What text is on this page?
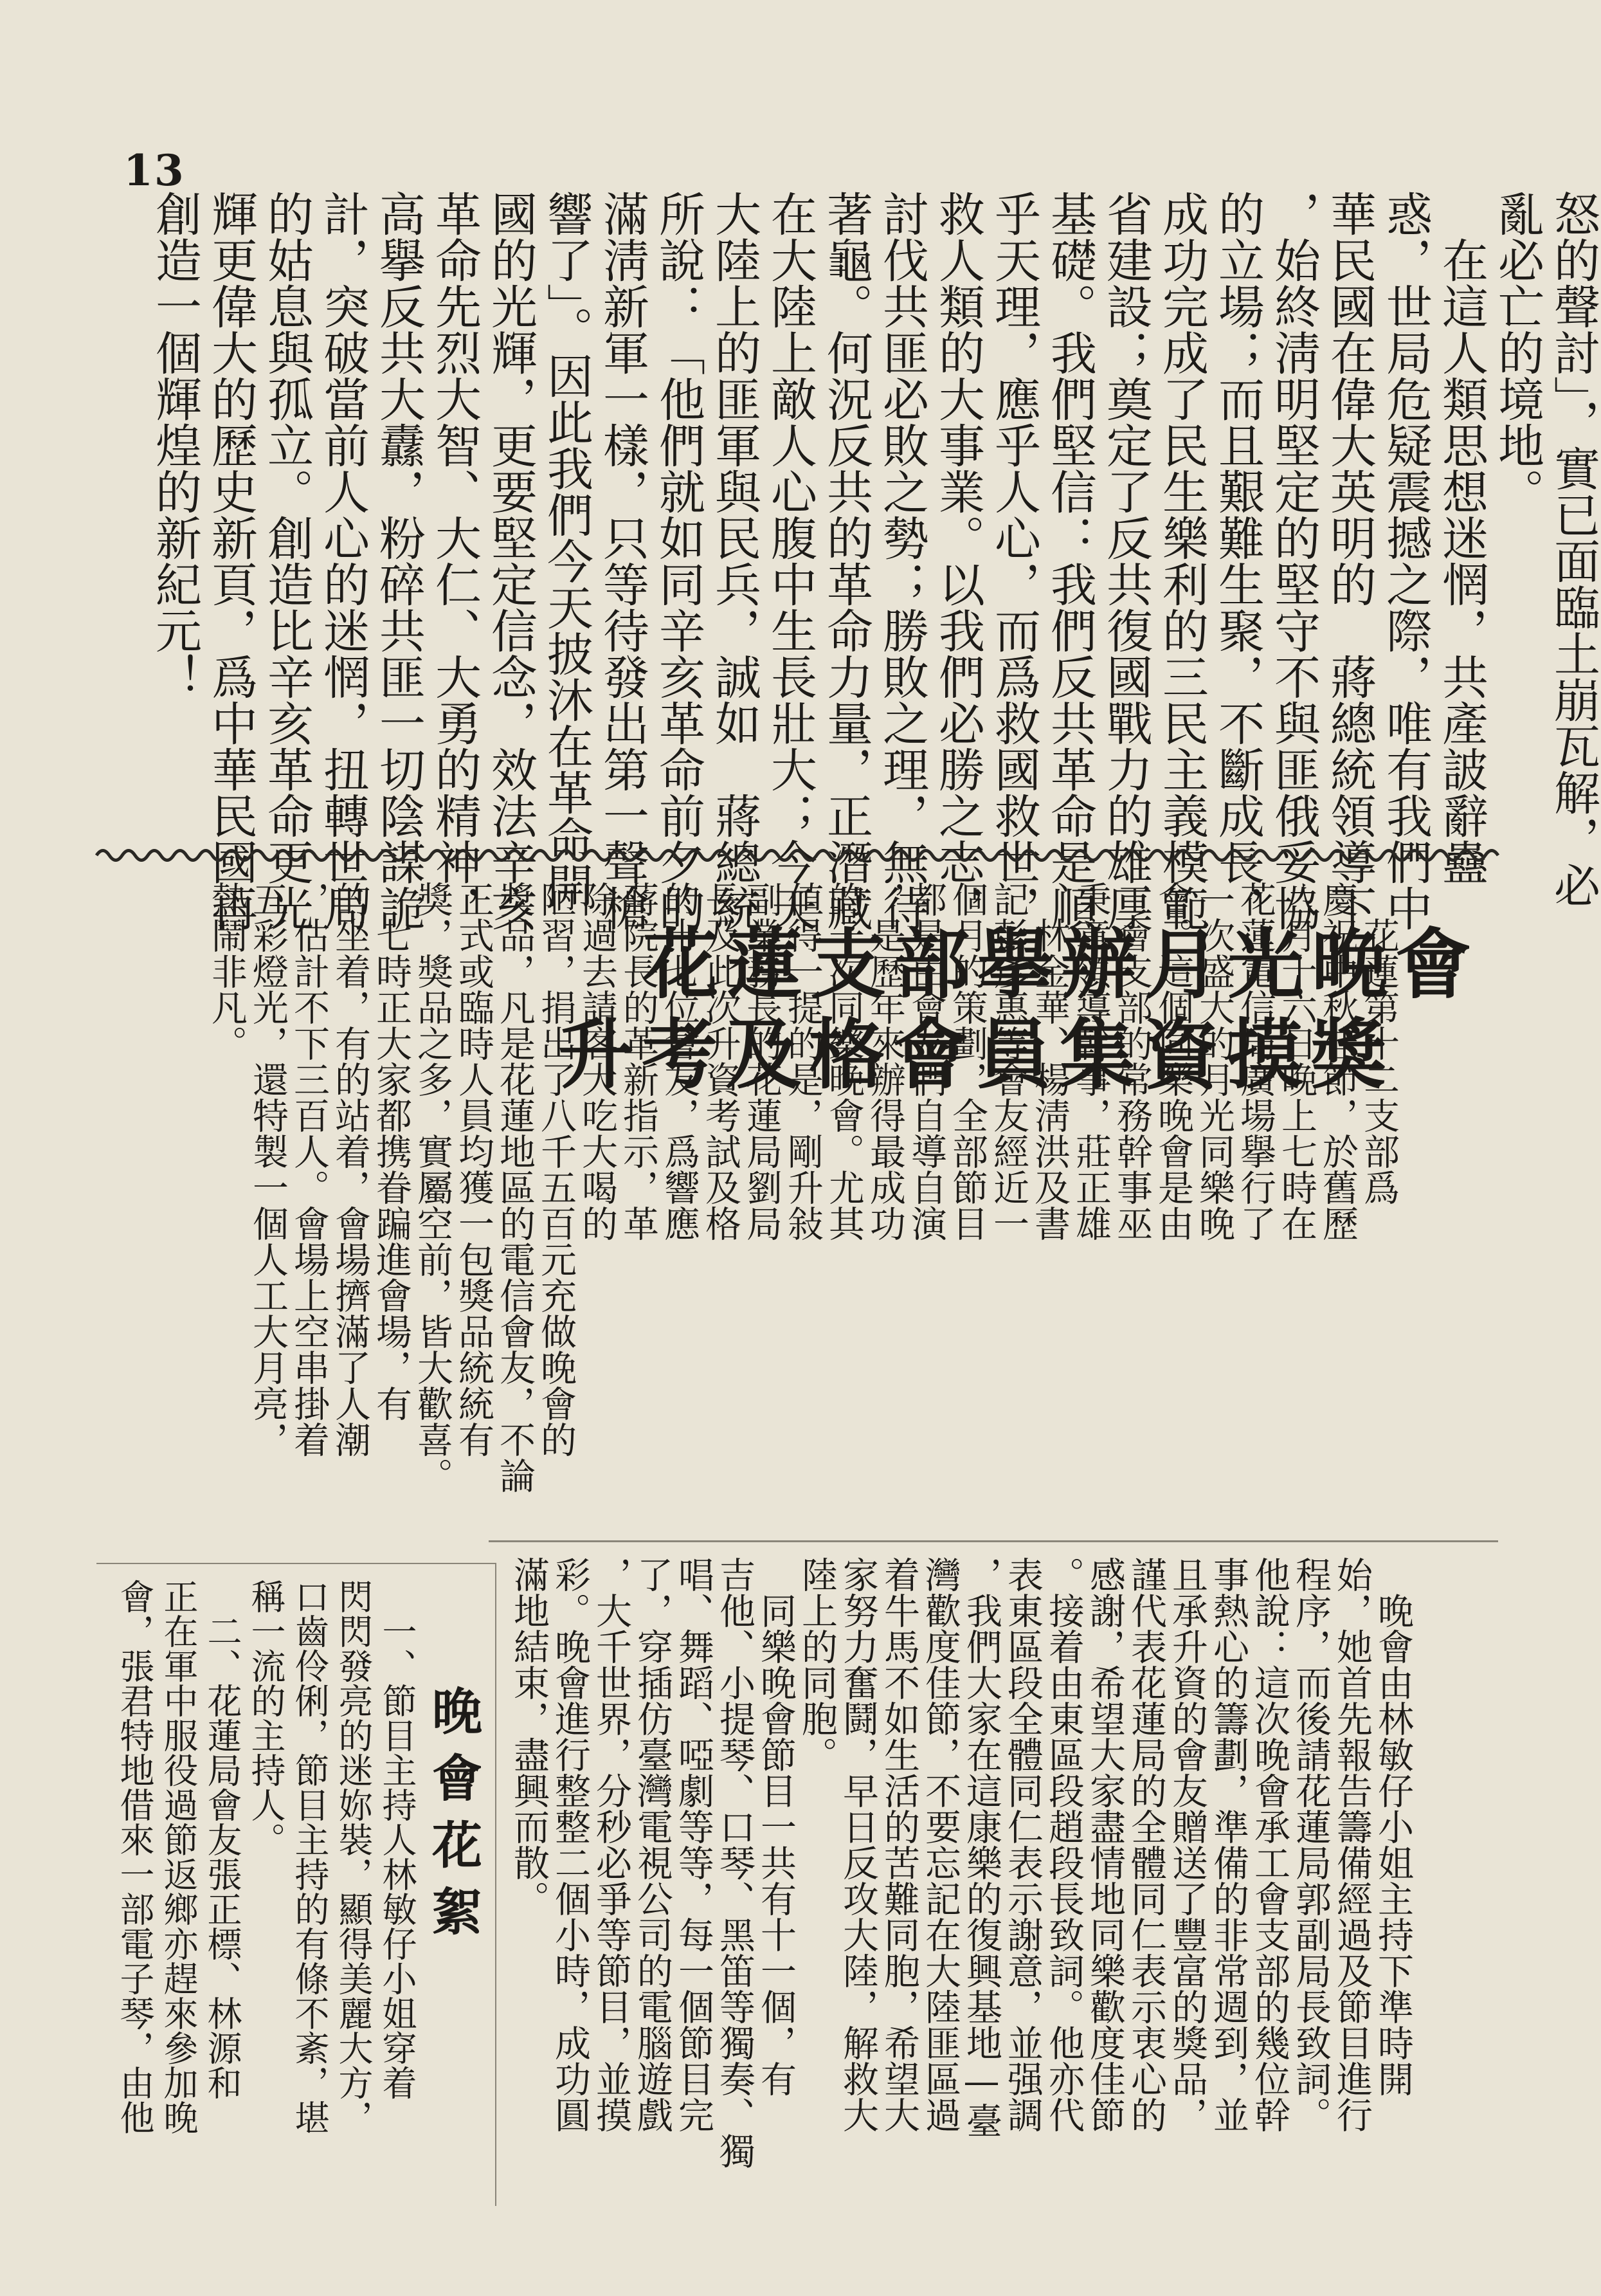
13
怒的聲討」，實已面臨土崩瓦解，必
亂必亡的境地。
　在這人類思想迷惘，共產詖辭蠱
惑，世局危疑震撼之際，唯有我們中
華民國在偉大英明的　蔣總統領導下
，始終淸明堅定的堅守不與匪俄妥協
的立場；而且艱難生聚，不斷成長，
成功完成了民生樂利的三民主義模範
省建設；奠定了反共復國戰力的雄厚
基礎。我們堅信：我們反共革命是順
乎天理，應乎人心，而爲救國救世，
救人類的大事業。以我們必勝之志，
討伐共匪必敗之勢；勝敗之理，無待
著龜。何況反共的革命力量，正潛藏
在大陸上敵人心腹中生長壯大；今天
大陸上的匪軍與民兵，誠如　蔣總統
所說：「他們就如同辛亥革命前夕的
滿淸新軍一樣，只等待發出第一聲槍
響了」。因此我們今天披沐在革命開
國的光輝，更要堅定信念，效法辛亥
革命先烈大智、大仁、大勇的精神，
高擧反共大纛，粉碎共匪一切陰謀詭
計，突破當前人心的迷惘，扭轉世局
的姑息與孤立。創造比辛亥革命更光
輝更偉大的歷史新頁，爲中華民國再
創造一個輝煌的新紀元！
花蓮支部擧辦月光晚會
升考及格會員集資摸獎
　花蓮第十二支部爲
慶祝中秋佳節，於舊歷
八月十六日晚上七時在
花蓮電信局廣場擧行了
一次盛大的月光同樂晚
會。這個同樂晚會是由
工會支部的常務幹事巫
秉章領導幹事，莊正雄
、林金華、楊淸洪及書
記彭彥惠等會友經近一
個月的策劃，全部節目
都是由會友們自導自演
，是歷年來辦得最成功
的一次同樂晚會。尤其
値得一提的是，剛升敍
副業務長的花蓮局劉局
長及此次升資考試及格
的十七位會友，爲響應
蔣院長的革新指示，革
除過去請客大吃大喝的
陋習，捐出了八千五百元充做晚會的
獎品，凡是花蓮地區的電信會友，不論
正式或臨時人員均獲一包獎品統統有
獎，獎品之多，實屬空前，皆大歡喜。
　七時正大家都携眷蹁進會場，有
的坐着，有的站着，會場擠滿了人潮
，估計不下三百人。會場上空串掛着
五彩燈光，還特製一個人工大月亮，
熱鬧非凡。
　晚會由林敏仔小姐主持下準時開
始，她首先報告籌備經過及節目進行
程序，而後請花蓮局郭副局長致詞。
他說：這次晚會承工會支部的幾位幹
事熱心的籌劃，準備的非常週到，並
且承升資的會友贈送了豐富的獎品，
謹代表花蓮局的全體同仁表示衷心的
感謝，希望大家盡情地同樂歡度佳節
。接着由東區段趙段長致詞。他亦代
表東區段全體同仁表示謝意，並强調
，我們大家在這康樂的復興基地—臺
灣歡度佳節，不要忘記在大陸匪區過
着牛馬不如生活的苦難同胞，希望大
家努力奮鬪，早日反攻大陸，解救大
陸上的同胞。
　同樂晚會節目一共有十一個，有
吉他、小提琴、口琴、黑笛等獨奏、獨
唱、舞蹈、啞劇等等，每一個節目完
了，穿插仿臺灣電視公司的電腦遊戲
，大千世界，分秒必爭等節目，並摸
彩。晚會進行整整二個小時，成功圓
滿地結束，盡興而散。
晚會花絮
　一、節目主持人林敏仔小姐穿着
閃閃發亮的迷妳裝，顯得美麗大方，
口齒伶俐，節目主持的有條不紊，堪
稱一流的主持人。
　二、花蓮局會友張正標、林源和
正在軍中服役過節返鄉亦趕來參加晚
會，張君特地借來一部電子琴，由他
